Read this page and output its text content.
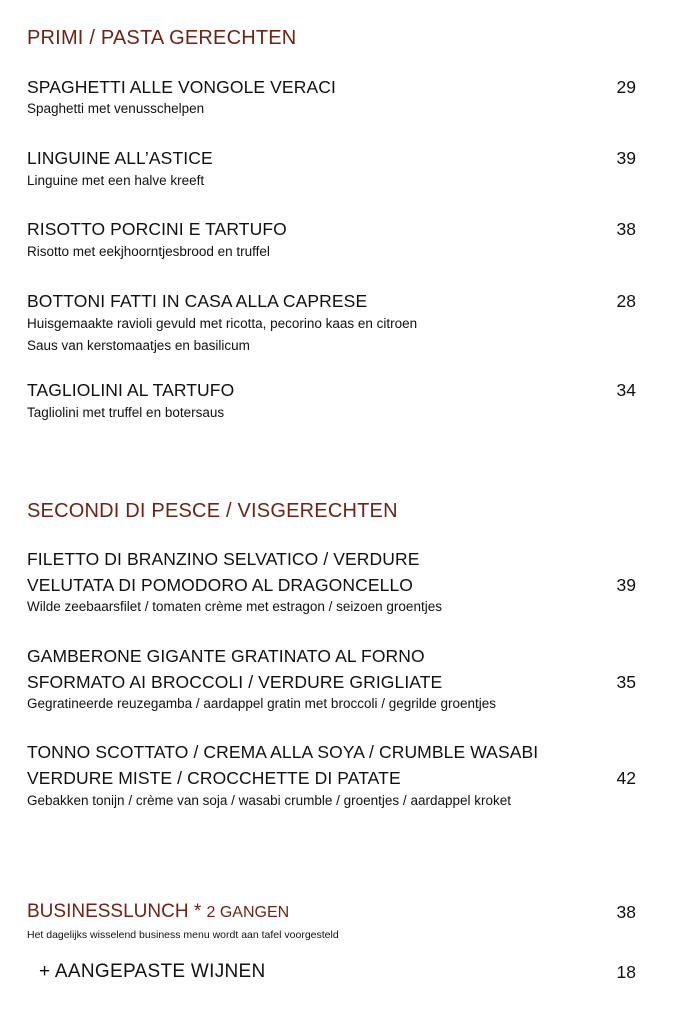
PRIMI / PASTA GERECHTEN
SPAGHETTI ALLE VONGOLE VERACI	29
Spaghetti met venusschelpen
LINGUINE ALL’ASTICE	39
Linguine met een halve kreeft
RISOTTO PORCINI E TARTUFO	38
Risotto met eekjhoorntjesbrood en truffel
BOTTONI FATTI IN CASA ALLA CAPRESE	28
Huisgemaakte ravioli gevuld met ricotta, pecorino kaas en citroen
Saus van kerstomaatjes en basilicum
TAGLIOLINI AL TARTUFO	34
Tagliolini met truffel en botersaus
SECONDI DI PESCE / VISGERECHTEN
FILETTO DI BRANZINO SELVATICO / VERDURE
VELUTATA DI POMODORO AL DRAGONCELLO	39
Wilde zeebaarsfilet / tomaten crème met estragon / seizoen groentjes
GAMBERONE GIGANTE GRATINATO AL FORNO
SFORMATO AI BROCCOLI / VERDURE GRIGLIATE	35
Gegratineerde reuzegamba / aardappel gratin met broccoli / gegrilde groentjes
TONNO SCOTTATO / CREMA ALLA SOYA / CRUMBLE WASABI
VERDURE MISTE / CROCCHETTE DI PATATE	42
Gebakken tonijn / crème van soja / wasabi crumble / groentjes / aardappel kroket
BUSINESSLUNCH * 2 GANGEN	38
Het dagelijks wisselend business menu wordt aan tafel voorgesteld
+ AANGEPASTE WIJNEN	18
